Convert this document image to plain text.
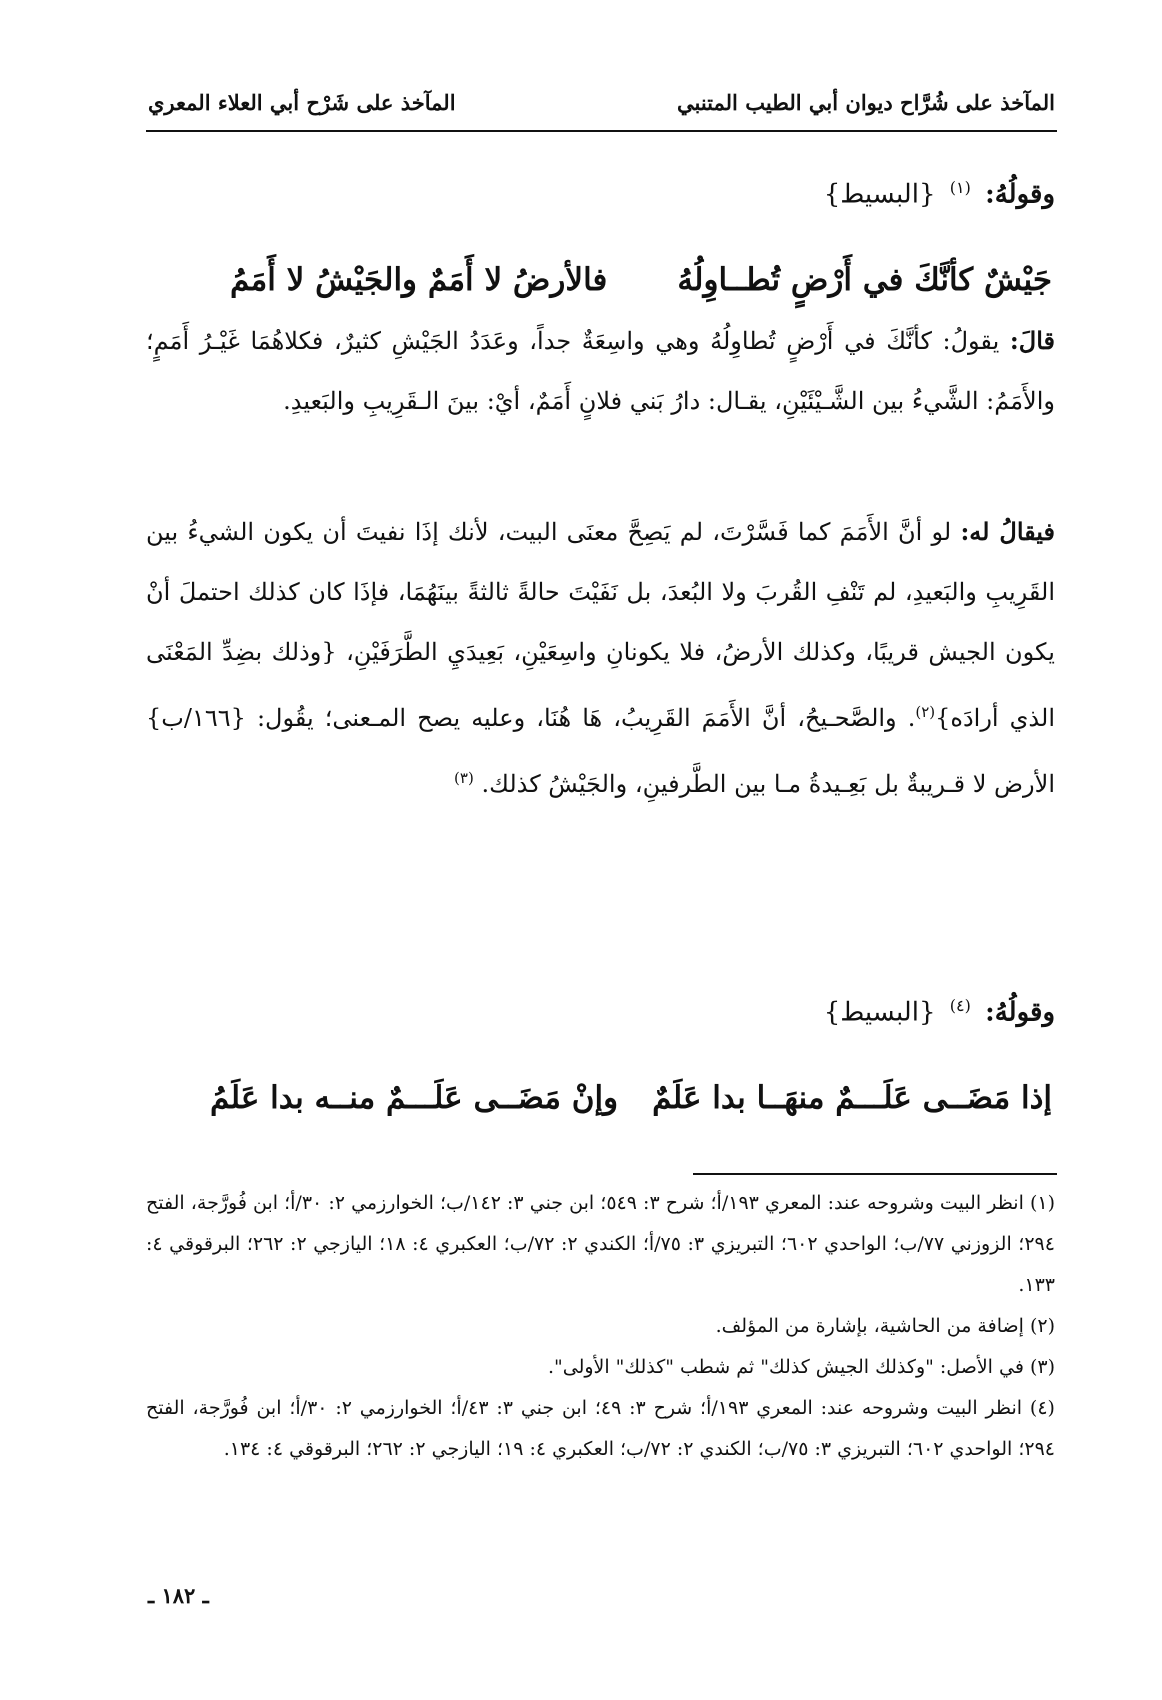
المآخذ على شُرَّاح ديوان أبي الطيب المتنبي
المآخذ على شَرْح أبي العلاء المعري
وقولُهُ: $^{(١)}$ {البسيط}
جَيْشٌ كأنَّكَ في أَرْضٍ تُطــاوِلُهُ
فالأرضُ لا أَمَمٌ والجَيْشُ لا أَمَمُ
قالَ: يقولُ: كأنَّكَ في أَرْضٍ تُطاوِلُهُ وهي واسِعَةٌ جداً، وعَدَدُ الجَيْشِ كثيرٌ، فكلاهُمَا غَيْـرُ أَمَمٍ؛ والأَمَمُ: الشَّيءُ بين الشَّـيْئَيْنِ، يقـال: دارُ بَني فلانٍ أَمَمٌ، أيْ: بينَ الـقَرِيبِ والبَعيدِ.
فيقالُ له: لو أنَّ الأَمَمَ كما فَسَّرْتَ، لم يَصِحَّ معنَى البيت، لأنك إذَا نفيتَ أن يكون الشيءُ بين القَرِيبِ والبَعيدِ، لم تَنْفِ القُربَ ولا البُعدَ، بل نَفَيْتَ حالةً ثالثةً بينَهُمَا، فإذَا كان كذلك احتملَ أنْ يكون الجيش قريبًا، وكذلك الأرضُ، فلا يكونانِ واسِعَيْنِ، بَعِيدَيِ الطَّرَفَيْنِ، {وذلك بضِدِّ المَعْنَى الذي أرادَه}$^{(٢)}$. والصَّحـيحُ، أنَّ الأَمَمَ القَرِيبُ، هَا هُنَا، وعليه يصح المـعنى؛ يقُول: {١٦٦/ب} الأرض لا قـريبةٌ بل بَعِـيدةُ مـا بين الطَّرفينِ، والجَيْشُ كذلك. $^{(٣)}$
وقولُهُ: $^{(٤)}$ {البسيط}
إذا مَضَــى عَلَـــمٌ منهَــا بدا عَلَمٌ
وإنْ مَضَــى عَلَـــمٌ منــه بدا عَلَمُ
(١) انظر البيت وشروحه عند: المعري ١٩٣/أ؛ شرح ٣: ٥٤٩؛ ابن جني ٣: ١٤٢/ب؛ الخوارزمي ٢: ٣٠/أ؛ ابن فُورَّجة، الفتح ٢٩٤؛ الزوزني ٧٧/ب؛ الواحدي ٦٠٢؛ التبريزي ٣: ٧٥/أ؛ الكندي ٢: ٧٢/ب؛ العكبري ٤: ١٨؛ اليازجي ٢: ٢٦٢؛ البرقوقي ٤: ١٣٣.
(٢) إضافة من الحاشية، بإشارة من المؤلف.
(٣) في الأصل: "وكذلك الجيش كذلك" ثم شطب "كذلك" الأولى".
(٤) انظر البيت وشروحه عند: المعري ١٩٣/أ؛ شرح ٣: ٤٩؛ ابن جني ٣: ٤٣/أ؛ الخوارزمي ٢: ٣٠/أ؛ ابن فُورَّجة، الفتح ٢٩٤؛ الواحدي ٦٠٢؛ التبريزي ٣: ٧٥/ب؛ الكندي ٢: ٧٢/ب؛ العكبري ٤: ١٩؛ اليازجي ٢: ٢٦٢؛ البرقوقي ٤: ١٣٤.
ـ ١٨٢ ـ
